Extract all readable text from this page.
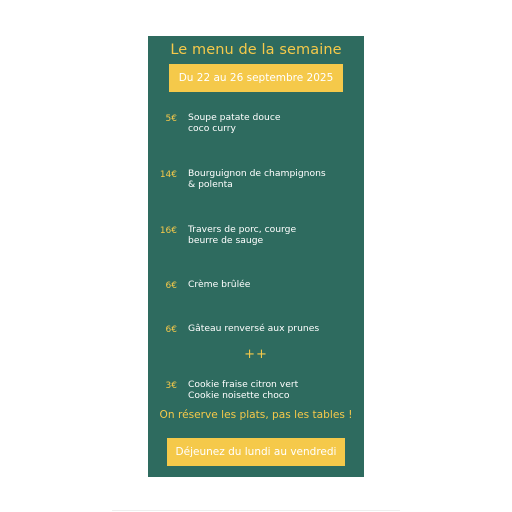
Le menu de la semaine
Du 22 au 26 septembre 2025
5€ Soupe patate douce
coco curry
14€ Bourguignon de champignons
& polenta
16€ Travers de porc, courge
beurre de sauge
6€ Crème brûlée
6€ Gâteau renversé aux prunes
++
3€ Cookie fraise citron vert
Cookie noisette choco
On réserve les plats, pas les tables !
Déjeunez du lundi au vendredi
